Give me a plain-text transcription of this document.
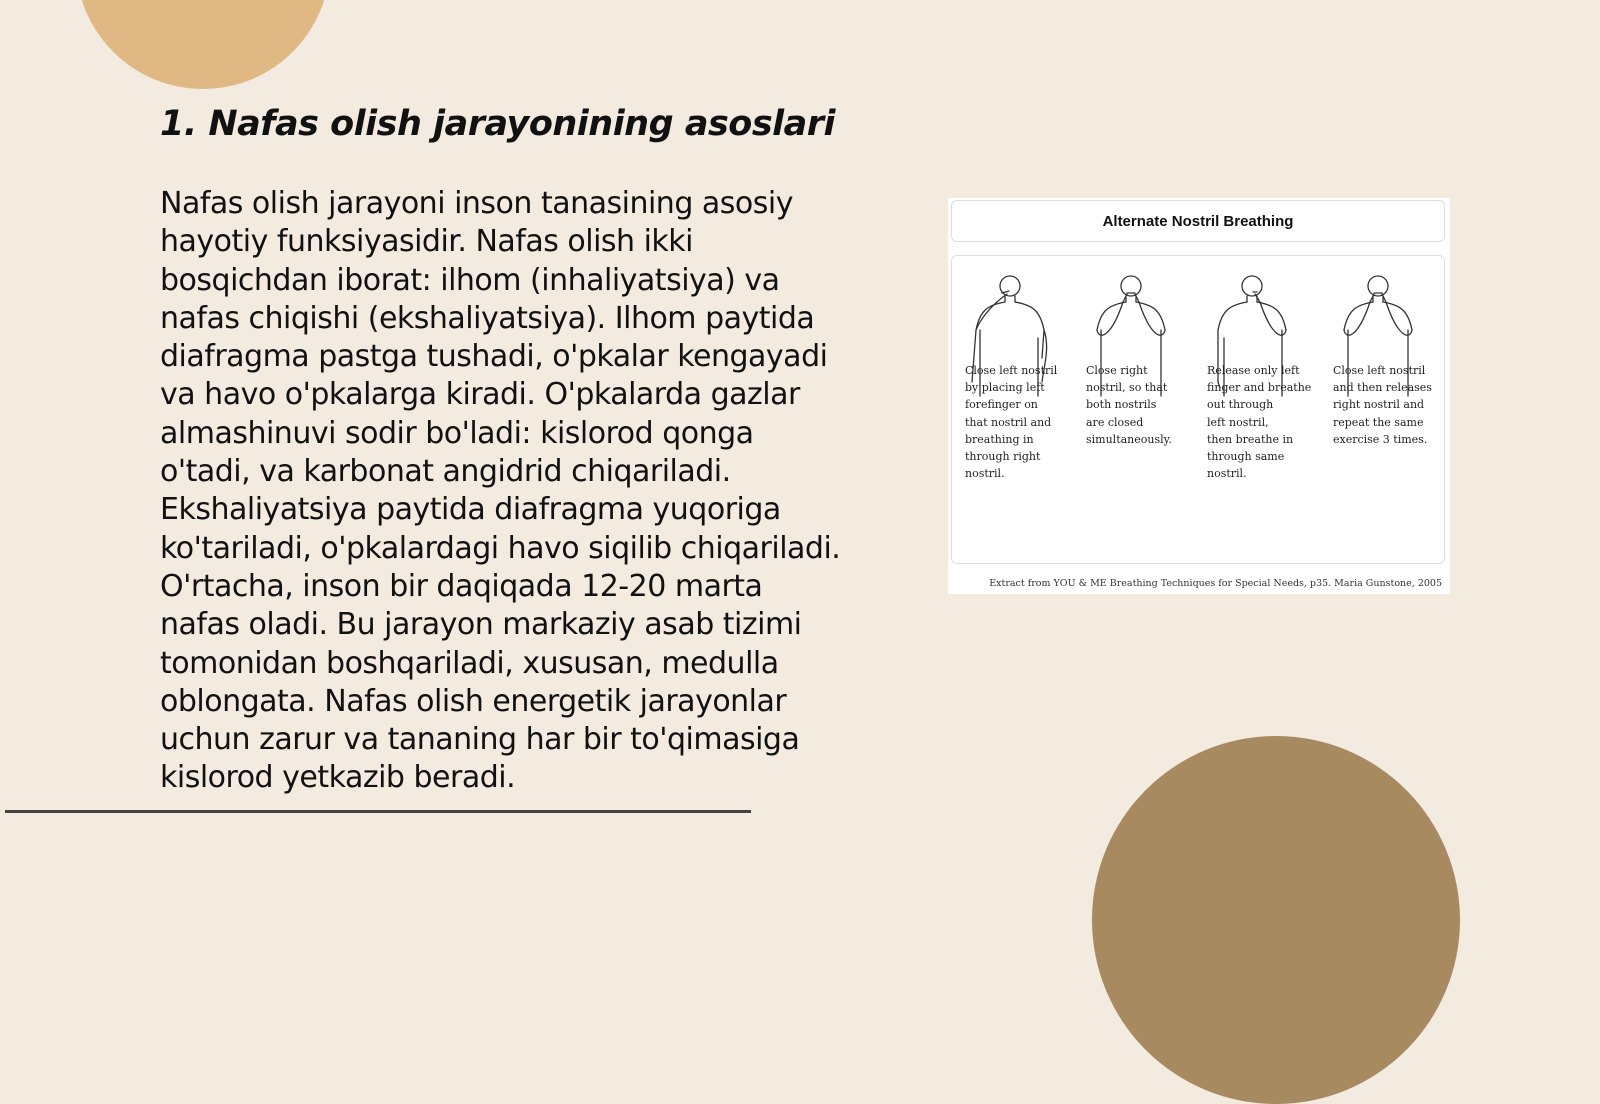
1. Nafas olish jarayonining asoslari

Nafas olish jarayoni inson tanasining asosiy hayotiy funksiyasidir. Nafas olish ikki bosqichdan iborat: ilhom (inhaliyatsiya) va nafas chiqishi (ekshaliyatsiya). Ilhom paytida diafragma pastga tushadi, o'pkalar kengayadi va havo o'pkalarga kiradi. O'pkalarda gazlar almashinuvi sodir bo'ladi: kislorod qonga o'tadi, va karbonat angidrid chiqariladi. Ekshaliyatsiya paytida diafragma yuqoriga ko'tariladi, o'pkalardagi havo siqilib chiqariladi. O'rtacha, inson bir daqiqada 12-20 marta nafas oladi. Bu jarayon markaziy asab tizimi tomonidan boshqariladi, xususan, medulla oblongata. Nafas olish energetik jarayonlar uchun zarur va tananing har bir to'qimasiga kislorod yetkazib beradi.

Alternate Nostril Breathing
Close left nostril
by placing left
forefinger on
that nostril and
breathing in
through right
nostril.
Close right
nostril, so that
both nostrils
are closed
simultaneously.
Release only left
finger and breathe
out through
left nostril,
then breathe in
through same
nostril.
Close left nostril
and then releases
right nostril and
repeat the same
exercise 3 times.
Extract from YOU & ME Breathing Techniques for Special Needs, p35. Maria Gunstone, 2005
